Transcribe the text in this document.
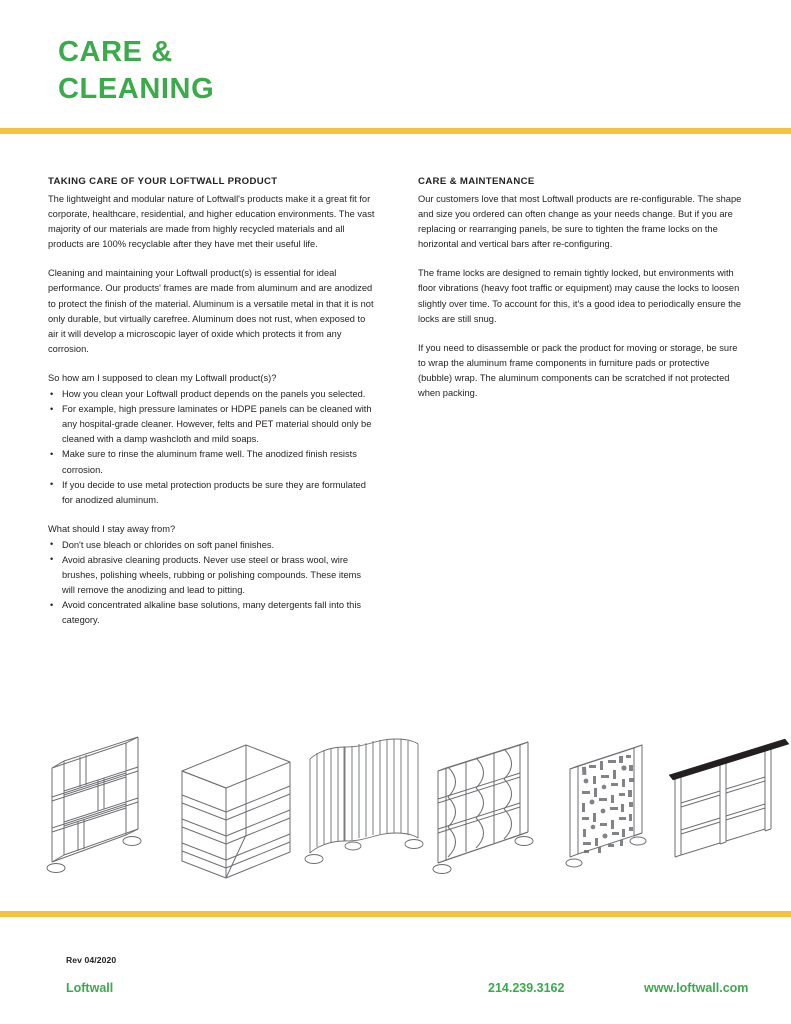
CARE &
CLEANING
TAKING CARE OF YOUR LOFTWALL PRODUCT

The lightweight and modular nature of Loftwall's products make it a great fit for corporate, healthcare, residential, and higher education environments. The vast majority of our materials are made from highly recycled materials and all products are 100% recyclable after they have met their useful life.

Cleaning and maintaining your Loftwall product(s) is essential for ideal performance. Our products' frames are made from aluminum and are anodized to protect the finish of the material. Aluminum is a versatile metal in that it is not only durable, but virtually carefree. Aluminum does not rust, when exposed to air it will develop a microscopic layer of oxide which protects it from any corrosion.

So how am I supposed to clean my Loftwall product(s)?

• How you clean your Loftwall product depends on the panels you selected.
• For example, high pressure laminates or HDPE panels can be cleaned with any hospital-grade cleaner. However, felts and PET material should only be cleaned with a damp washcloth and mild soaps.
• Make sure to rinse the aluminum frame well. The anodized finish resists corrosion.
• If you decide to use metal protection products be sure they are formulated for anodized aluminum.

What should I stay away from?

• Don't use bleach or chlorides on soft panel finishes.
• Avoid abrasive cleaning products. Never use steel or brass wool, wire brushes, polishing wheels, rubbing or polishing compounds. These items will remove the anodizing and lead to pitting.
• Avoid concentrated alkaline base solutions, many detergents fall into this category.
CARE & MAINTENANCE

Our customers love that most Loftwall products are re-configurable. The shape and size you ordered can often change as your needs change. But if you are replacing or rearranging panels, be sure to tighten the frame locks on the horizontal and vertical bars after re-configuring.

The frame locks are designed to remain tightly locked, but environments with floor vibrations (heavy foot traffic or equipment) may cause the locks to loosen slightly over time. To account for this, it's a good idea to periodically ensure the locks are still snug.

If you need to disassemble or pack the product for moving or storage, be sure to wrap the aluminum frame components in furniture pads or protective (bubble) wrap. The aluminum components can be scratched if not protected when packing.

Rev 04/2020
Loftwall	214.239.3162	www.loftwall.com
